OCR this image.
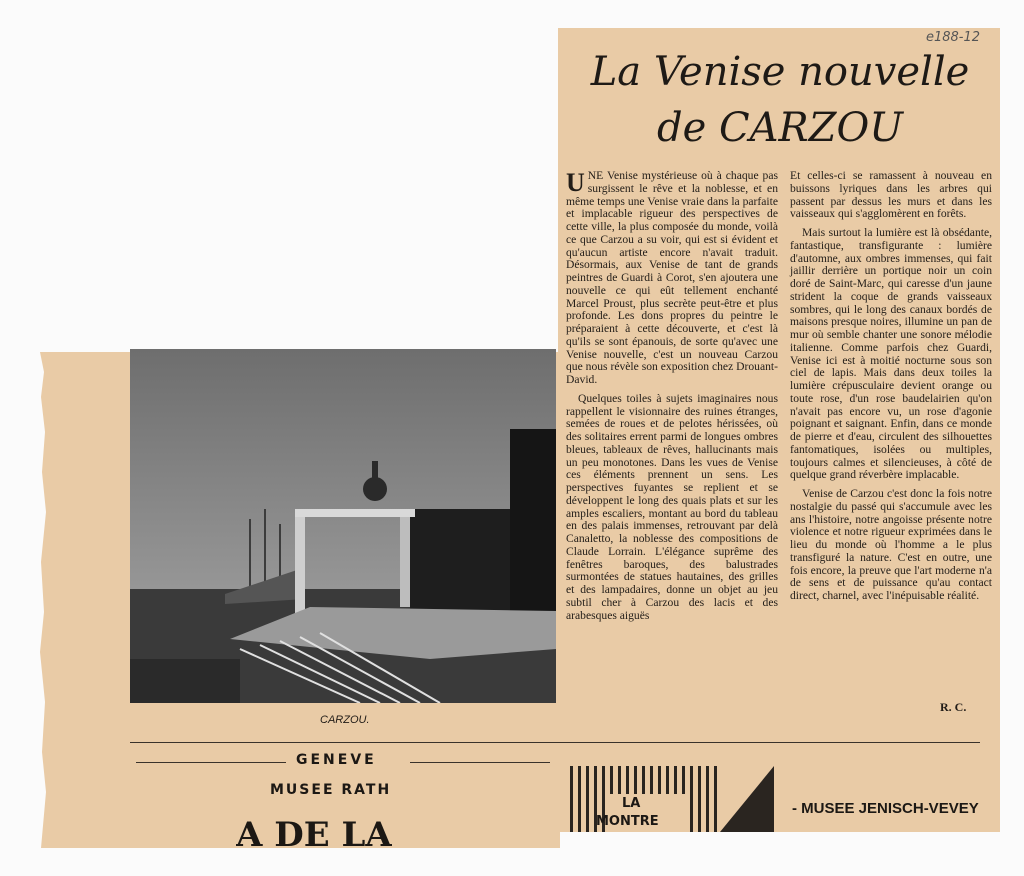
e188-12
La Venise nouvelle
de CARZOU

UNE Venise mystérieuse où à chaque pas surgissent le rêve et la noblesse, et en même temps une Venise vraie dans la parfaite et implacable rigueur des perspectives de cette ville, la plus composée du monde, voilà ce que Carzou a su voir, qui est si évident et qu'aucun artiste encore n'avait traduit. Désormais, aux Venise de tant de grands peintres de Guardi à Corot, s'en ajoutera une nouvelle ce qui eût tellement enchanté Marcel Proust, plus secrète peut-être et plus profonde. Les dons propres du peintre le préparaient à cette découverte, et c'est là qu'ils se sont épanouis, de sorte qu'avec une Venise nouvelle, c'est un nouveau Carzou que nous révèle son exposition chez Drouant-David.

Quelques toiles à sujets imaginaires nous rappellent le visionnaire des ruines étranges, semées de roues et de pelotes hérissées, où des solitaires errent parmi de longues ombres bleues, tableaux de rêves, hallucinants mais un peu monotones. Dans les vues de Venise ces éléments prennent un sens. Les perspectives fuyantes se replient et se développent le long des quais plats et sur les amples escaliers, montant au bord du tableau en des palais immenses, retrouvant par delà Canaletto, la noblesse des compositions de Claude Lorrain. L'élégance suprême des fenêtres baroques, des balustrades surmontées de statues hautaines, des grilles et des lampadaires, donne un objet au jeu subtil cher à Carzou des lacis et des arabesques aiguës

Et celles-ci se ramassent à nouveau en buissons lyriques dans les arbres qui passent par dessus les murs et dans les vaisseaux qui s'agglomèrent en forêts.

Mais surtout la lumière est là obsédante, fantastique, transfigurante : lumière d'automne, aux ombres immenses, qui fait jaillir derrière un portique noir un coin doré de Saint-Marc, qui caresse d'un jaune strident la coque de grands vaisseaux sombres, qui le long des canaux bordés de maisons presque noires, illumine un pan de mur où semble chanter une sonore mélodie italienne. Comme parfois chez Guardi, Venise ici est à moitié nocturne sous son ciel de lapis. Mais dans deux toiles la lumière crépusculaire devient orange ou toute rose, d'un rose baudelairien qu'on n'avait pas encore vu, un rose d'agonie poignant et saignant. Enfin, dans ce monde de pierre et d'eau, circulent des silhouettes fantomatiques, isolées ou multiples, toujours calmes et silencieuses, à côté de quelque grand réverbère implacable.

Venise de Carzou c'est donc la fois notre nostalgie du passé qui s'accumule avec les ans l'histoire, notre angoisse présente notre violence et notre rigueur exprimées dans le lieu du monde où l'homme a le plus transfiguré la nature. C'est en outre, une fois encore, la preuve que l'art moderne n'a de sens et de puissance qu'au contact direct, charnel, avec l'inépuisable réalité.

R. C.
CARZOU.
GENEVE
MUSEE RATH
A DE LA
LA
MONTRE
- MUSEE JENISCH-VEVEY
